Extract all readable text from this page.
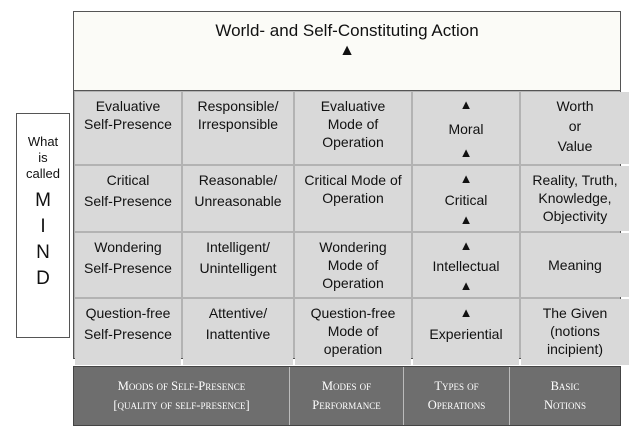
World- and Self-Constituting Action
▲
What
is
called
M
I
N
D
Evaluative
Self-Presence
Responsible/
Irresponsible
Evaluative
Mode of
Operation
▲
Moral
▲
Worth
or
Value
Critical
Self-Presence
Reasonable/
Unreasonable
Critical Mode of
Operation
▲
Critical
▲
Reality, Truth,
Knowledge,
Objectivity
Wondering
Self-Presence
Intelligent/
Unintelligent
Wondering
Mode of
Operation
▲
Intellectual
▲
Meaning
Question-free
Self-Presence
Attentive/
Inattentive
Question-free
Mode of
operation
▲
Experiential
The Given
(notions
incipient)
Moods of Self-Presence
[quality of self-presence]
Modes of
Performance
Types of
Operations
Basic
Notions
